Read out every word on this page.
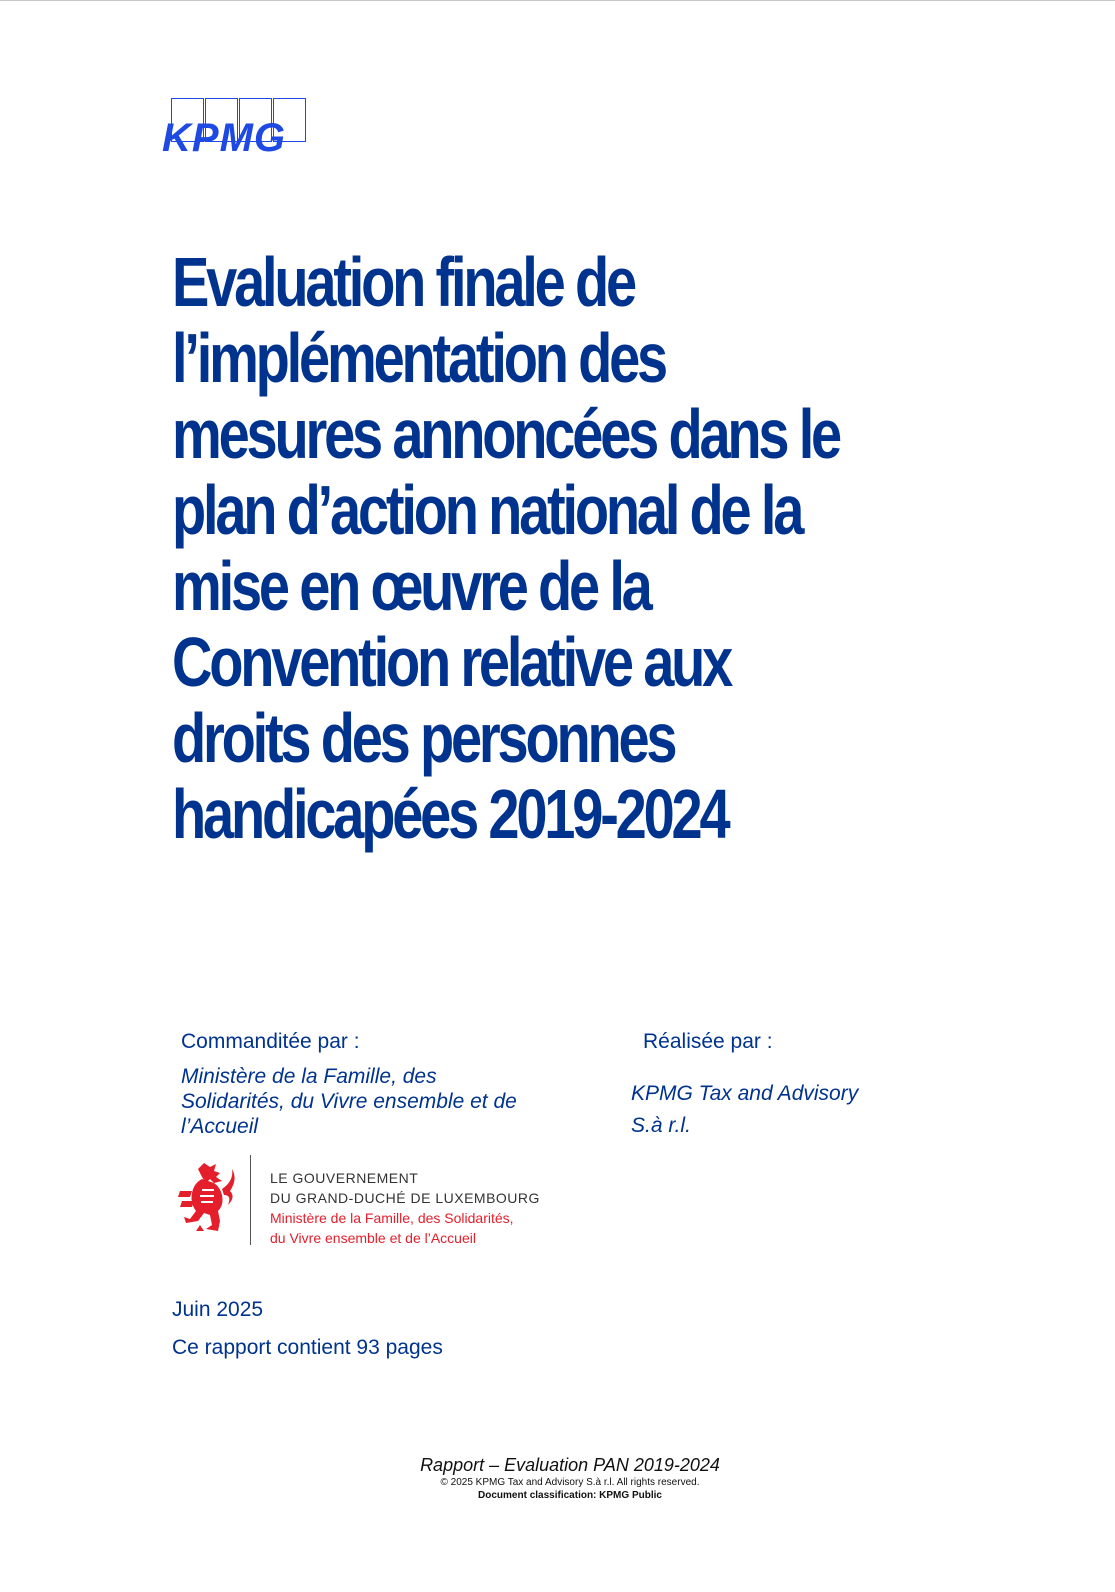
KPMG
Evaluation finale de
l’implémentation des
mesures annoncées dans le
plan d’action national de la
mise en œuvre de la
Convention relative aux
droits des personnes
handicapées 2019-2024
Commanditée par :
Ministère de la Famille, des Solidarités, du Vivre ensemble et de l’Accueil
Réalisée par :
KPMG Tax and Advisory
S.à r.l.
LE GOUVERNEMENT
DU GRAND-DUCHÉ DE LUXEMBOURG
Ministère de la Famille, des Solidarités,
du Vivre ensemble et de l’Accueil
Juin 2025
Ce rapport contient 93 pages
Rapport – Evaluation PAN 2019-2024
© 2025 KPMG Tax and Advisory S.à r.l. All rights reserved.
Document classification: KPMG Public
